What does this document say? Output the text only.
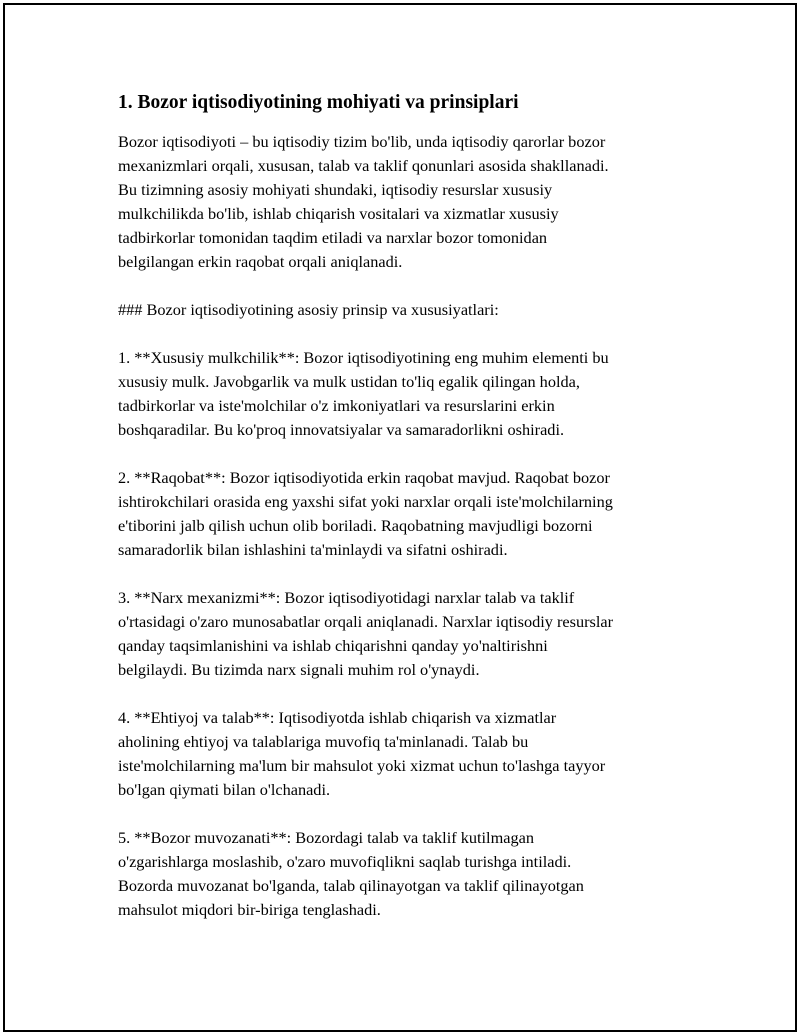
1. Bozor iqtisodiyotining mohiyati va prinsiplari
Bozor iqtisodiyoti – bu iqtisodiy tizim bo'lib, unda iqtisodiy qarorlar bozor
mexanizmlari orqali, xususan, talab va taklif qonunlari asosida shakllanadi.
Bu tizimning asosiy mohiyati shundaki, iqtisodiy resurslar xususiy
mulkchilikda bo'lib, ishlab chiqarish vositalari va xizmatlar xususiy
tadbirkorlar tomonidan taqdim etiladi va narxlar bozor tomonidan
belgilangan erkin raqobat orqali aniqlanadi.
### Bozor iqtisodiyotining asosiy prinsip va xususiyatlari:
1. **Xususiy mulkchilik**: Bozor iqtisodiyotining eng muhim elementi bu
xususiy mulk. Javobgarlik va mulk ustidan to'liq egalik qilingan holda,
tadbirkorlar va iste'molchilar o'z imkoniyatlari va resurslarini erkin
boshqaradilar. Bu ko'proq innovatsiyalar va samaradorlikni oshiradi.
2. **Raqobat**: Bozor iqtisodiyotida erkin raqobat mavjud. Raqobat bozor
ishtirokchilari orasida eng yaxshi sifat yoki narxlar orqali iste'molchilarning
e'tiborini jalb qilish uchun olib boriladi. Raqobatning mavjudligi bozorni
samaradorlik bilan ishlashini ta'minlaydi va sifatni oshiradi.
3. **Narx mexanizmi**: Bozor iqtisodiyotidagi narxlar talab va taklif
o'rtasidagi o'zaro munosabatlar orqali aniqlanadi. Narxlar iqtisodiy resurslar
qanday taqsimlanishini va ishlab chiqarishni qanday yo'naltirishni
belgilaydi. Bu tizimda narx signali muhim rol o'ynaydi.
4. **Ehtiyoj va talab**: Iqtisodiyotda ishlab chiqarish va xizmatlar
aholining ehtiyoj va talablariga muvofiq ta'minlanadi. Talab bu
iste'molchilarning ma'lum bir mahsulot yoki xizmat uchun to'lashga tayyor
bo'lgan qiymati bilan o'lchanadi.
5. **Bozor muvozanati**: Bozordagi talab va taklif kutilmagan
o'zgarishlarga moslashib, o'zaro muvofiqlikni saqlab turishga intiladi.
Bozorda muvozanat bo'lganda, talab qilinayotgan va taklif qilinayotgan
mahsulot miqdori bir-biriga tenglashadi.
